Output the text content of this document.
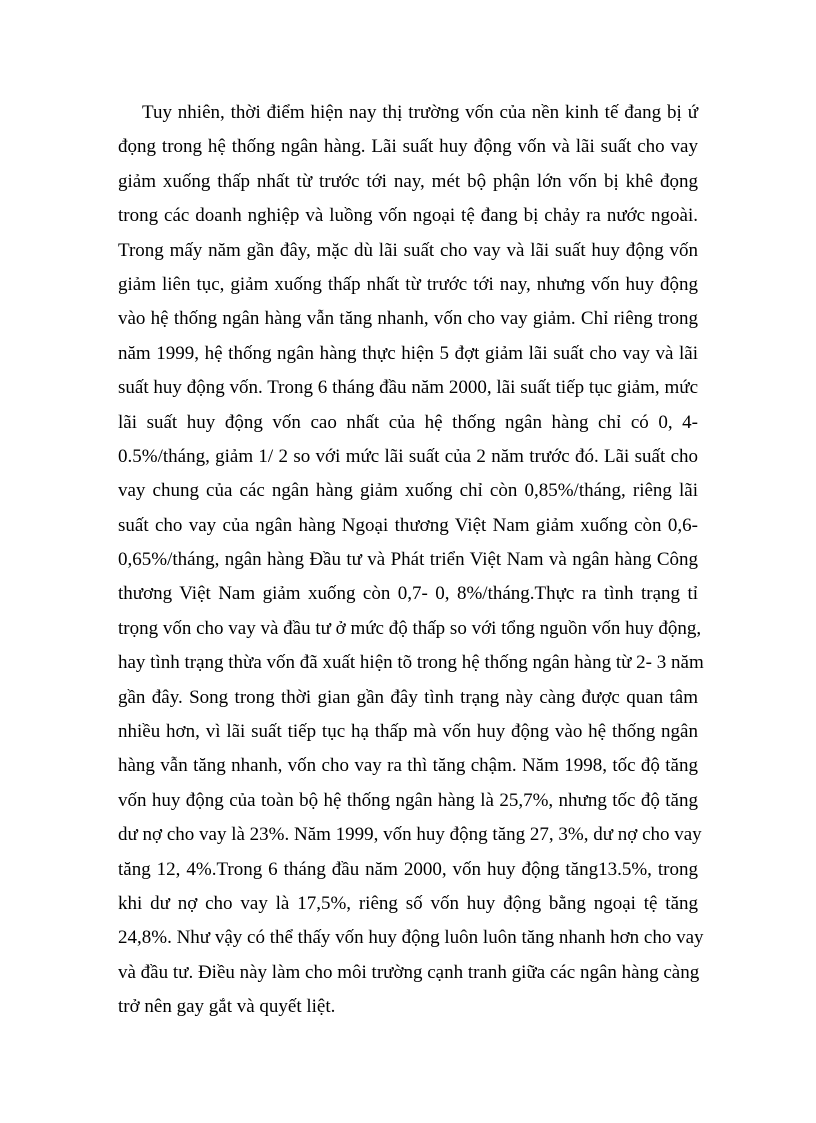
Tuy nhiên, thời điểm hiện nay thị trường vốn của nền kinh tế đang bị ứ
đọng trong hệ thống ngân hàng. Lãi suất huy động vốn và lãi suất cho vay
giảm xuống thấp nhất từ trước tới nay, mét bộ phận lớn vốn bị khê đọng
trong các doanh nghiệp và luồng vốn ngoại tệ đang bị chảy ra nước ngoài.
Trong mấy năm gần đây, mặc dù lãi suất cho vay và lãi suất huy động vốn
giảm liên tục, giảm xuống thấp nhất từ trước tới nay, nhưng vốn huy động
vào hệ thống ngân hàng vẫn tăng nhanh, vốn cho vay giảm. Chỉ riêng trong
năm 1999, hệ thống ngân hàng thực hiện 5 đợt giảm lãi suất cho vay và lãi
suất huy động vốn. Trong 6 tháng đầu năm 2000, lãi suất tiếp tục giảm, mức
lãi suất huy động vốn cao nhất của hệ thống ngân hàng chỉ có 0, 4-
0.5%/tháng, giảm 1/ 2 so với mức lãi suất của 2 năm trước đó. Lãi suất cho
vay chung của các ngân hàng giảm xuống chỉ còn 0,85%/tháng, riêng lãi
suất cho vay của ngân hàng Ngoại thương Việt Nam giảm xuống còn 0,6-
0,65%/tháng, ngân hàng Đầu tư và Phát triển Việt Nam và ngân hàng Công
thương Việt Nam giảm xuống còn 0,7- 0, 8%/tháng.Thực ra tình trạng tỉ
trọng vốn cho vay và đầu tư ở mức độ thấp so với tổng nguồn vốn huy động,
hay tình trạng thừa vốn đã xuất hiện tõ trong hệ thống ngân hàng từ 2- 3 năm
gần đây. Song trong thời gian gần đây tình trạng này càng được quan tâm
nhiều hơn, vì lãi suất tiếp tục hạ thấp mà vốn huy động vào hệ thống ngân
hàng vẫn tăng nhanh, vốn cho vay ra thì tăng chậm. Năm 1998, tốc độ tăng
vốn huy động của toàn bộ hệ thống ngân hàng là 25,7%, nhưng tốc độ tăng
dư nợ cho vay là 23%. Năm 1999, vốn huy động tăng 27, 3%, dư nợ cho vay
tăng 12, 4%.Trong 6 tháng đầu năm 2000, vốn huy động tăng13.5%, trong
khi dư nợ cho vay là 17,5%, riêng số vốn huy động bằng ngoại tệ tăng
24,8%. Như vậy có thể thấy vốn huy động luôn luôn tăng nhanh hơn cho vay
và đầu tư. Điều này làm cho môi trường cạnh tranh giữa các ngân hàng càng
trở nên gay gắt và quyết liệt.
